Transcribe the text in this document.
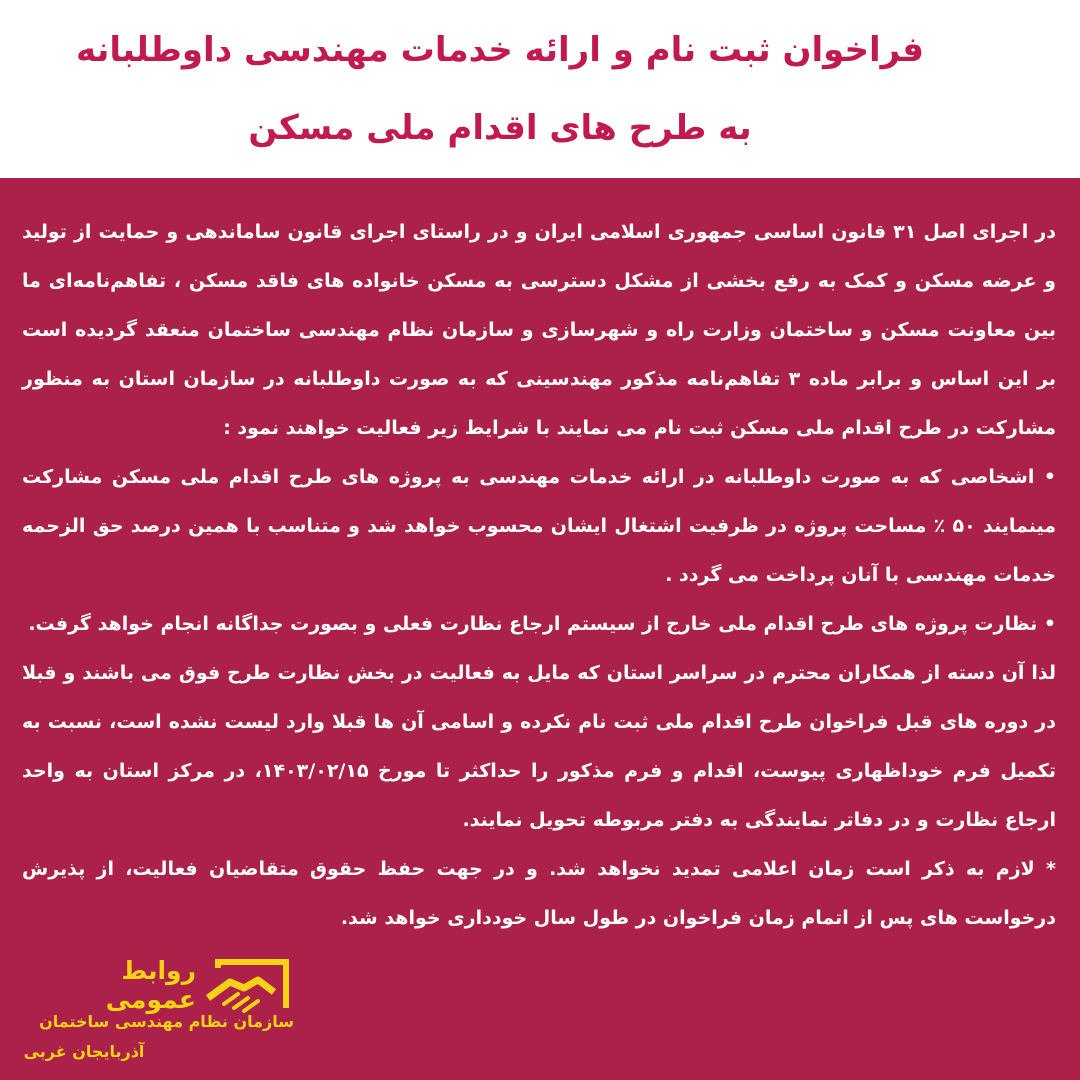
فراخوان ثبت نام و ارائه خدمات مهندسی داوطلبانه
به طرح های اقدام ملی مسکن

در اجرای اصل ۳۱ قانون اساسی جمهوری اسلامی ایران و در راستای اجرای قانون ساماندهی و حمایت از تولید و عرضه مسکن و کمک به رفع بخشی از مشکل دسترسی به مسکن خانواده های فاقد مسکن ، تفاهم‌نامه‌ای ما بین معاونت مسکن و ساختمان وزارت راه و شهرسازی و سازمان نظام مهندسی ساختمان منعقد گردیده است بر این اساس و برابر ماده ۳ تفاهم‌نامه مذکور مهندسینی که به صورت داوطلبانه در سازمان استان به منظور مشارکت در طرح اقدام ملی مسکن ثبت نام می نمایند با شرایط زیر فعالیت خواهند نمود :

• اشخاصی که به صورت داوطلبانه در ارائه خدمات مهندسی به پروژه های طرح اقدام ملی مسکن مشارکت مینمایند ۵۰ ٪ مساحت پروژه در ظرفیت اشتغال ایشان محسوب خواهد شد و متناسب با همین درصد حق الزحمه خدمات مهندسی با آنان پرداخت می گردد .

• نظارت پروژه های طرح اقدام ملی خارج از سیستم ارجاع نظارت فعلی و بصورت جداگانه انجام خواهد گرفت.

لذا آن دسته از همکاران محترم در سراسر استان که مایل به فعالیت در بخش نظارت طرح فوق می باشند و قبلا در دوره های قبل فراخوان طرح اقدام ملی ثبت نام نکرده و اسامی آن ها قبلا وارد لیست نشده است، نسبت به تکمیل فرم خوداظهاری پیوست، اقدام و فرم مذکور را حداکثر تا مورخ ۱۴۰۳/۰۲/۱۵، در مرکز استان به واحد ارجاع نظارت و در دفاتر نمایندگی به دفتر مربوطه تحویل نمایند.

* لازم به ذکر است زمان اعلامی تمدید نخواهد شد. و در جهت حفظ حقوق متقاضیان فعالیت، از پذیرش درخواست های پس از اتمام زمان فراخوان در طول سال خودداری خواهد شد.

روابط عمومی
سازمان نظام مهندسی ساختمان
آذربایجان غربی
